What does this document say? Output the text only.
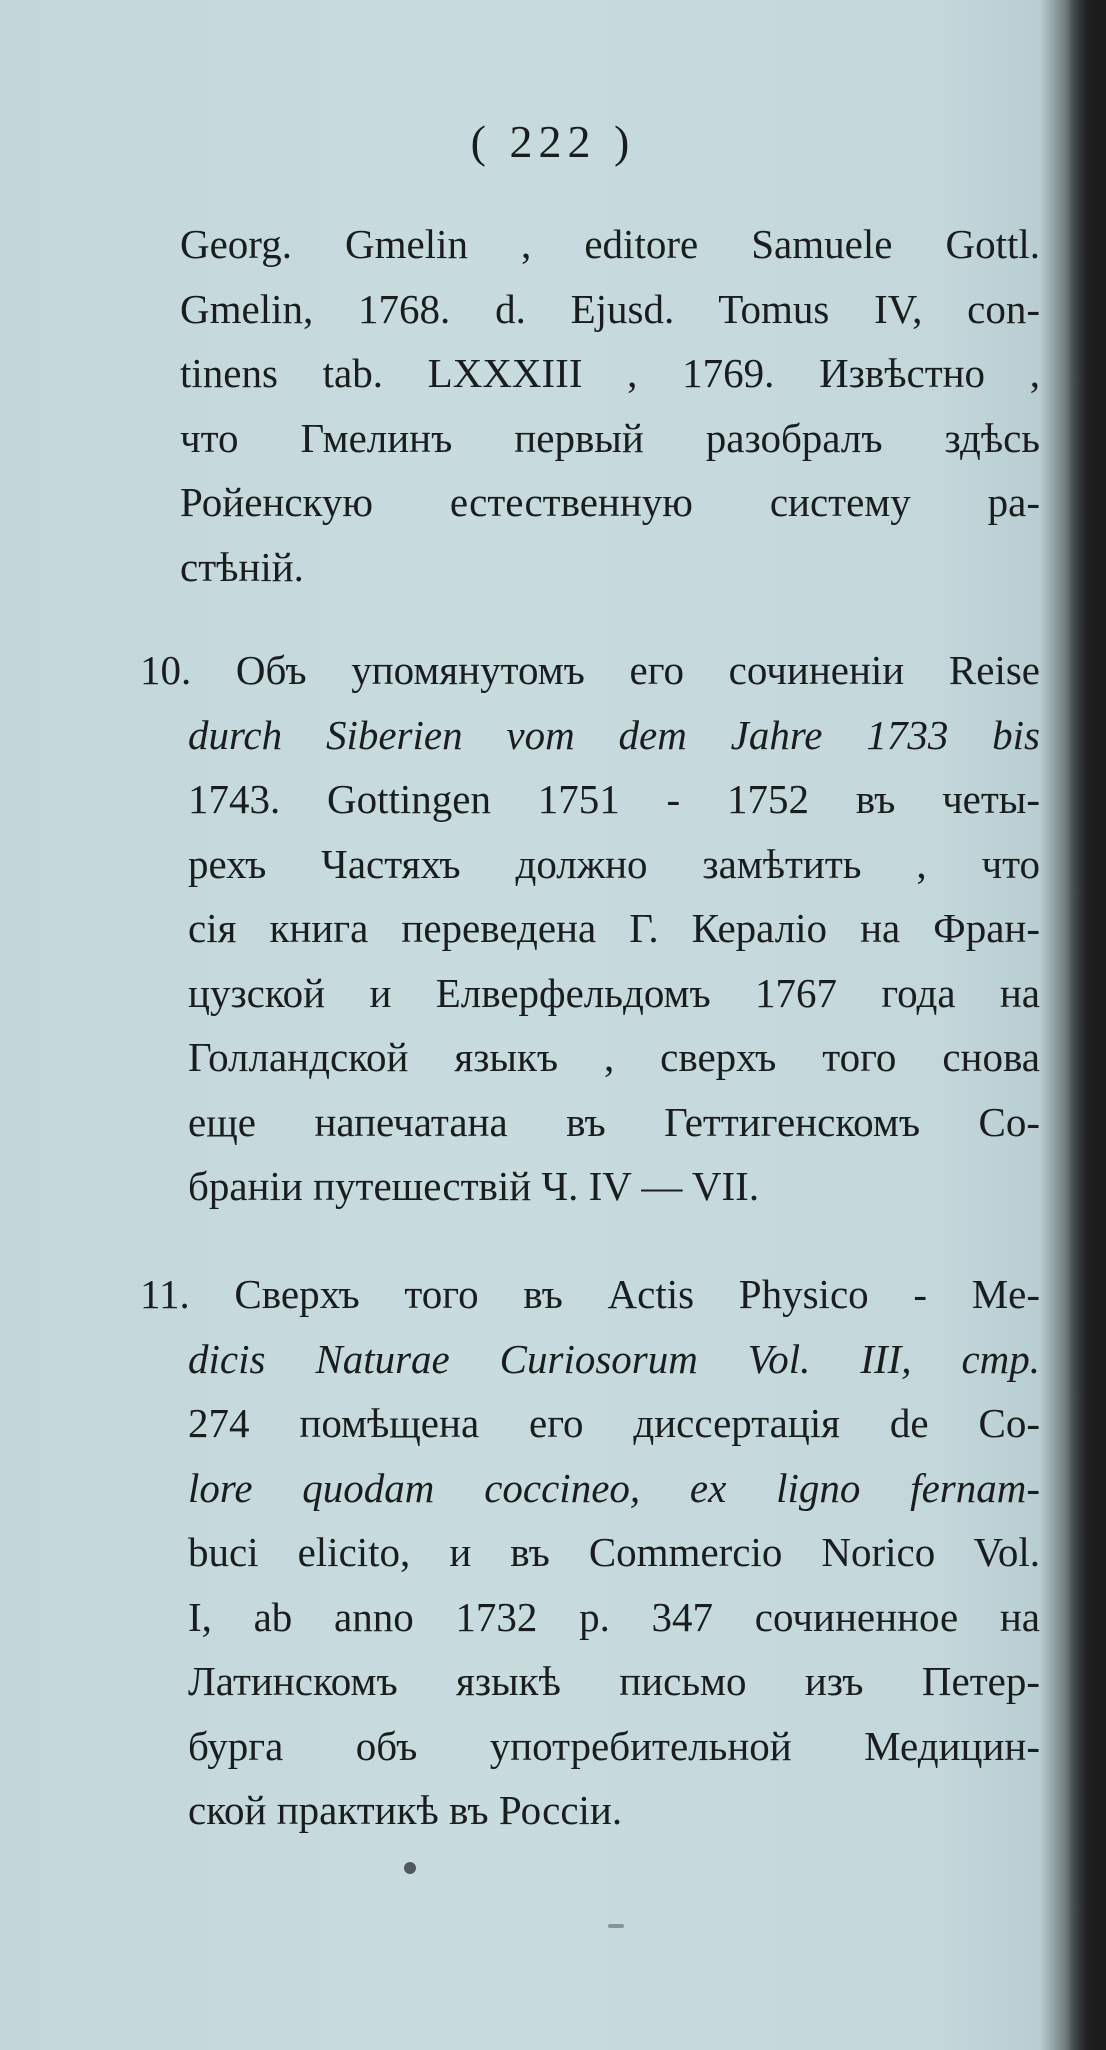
( 222 )
Georg. Gmelin , editore Samuele Gottl.
Gmelin, 1768. d. Ejusd. Tomus IV, con-
tinens tab. LXXXIII , 1769. Извѣстно ,
что Гмелинъ первый разобралъ здѣсь
Ройенскую естественную систему ра-
стѣнiй.
10. Объ упомянутомъ его сочиненiи Reise
durch Siberien vom dem Jahre 1733 bis
1743. Gottingen 1751 - 1752 въ четы-
рехъ Частяхъ должно замѣтить , что
сiя книга переведена Г. Кераліо на Фран-
цузской и Елверфельдомъ 1767 года на
Голландской языкъ , сверхъ того снова
еще напечатана въ Геттигенскомъ Со-
бранiи путешествiй Ч. IV — VII.
11. Сверхъ того въ Actis Physico - Me-
dicis Naturae Curiosorum Vol. III, стр.
274 помѣщена его диссертацiя de Co-
lore quodam coccineo, ex ligno fernam-
buci elicito, и въ Commercio Norico Vol.
I, ab anno 1732 p. 347 сочиненное на
Латинскомъ языкѣ письмо изъ Петер-
бурга объ употребительной Медицин-
ской практикѣ въ Россiи.
